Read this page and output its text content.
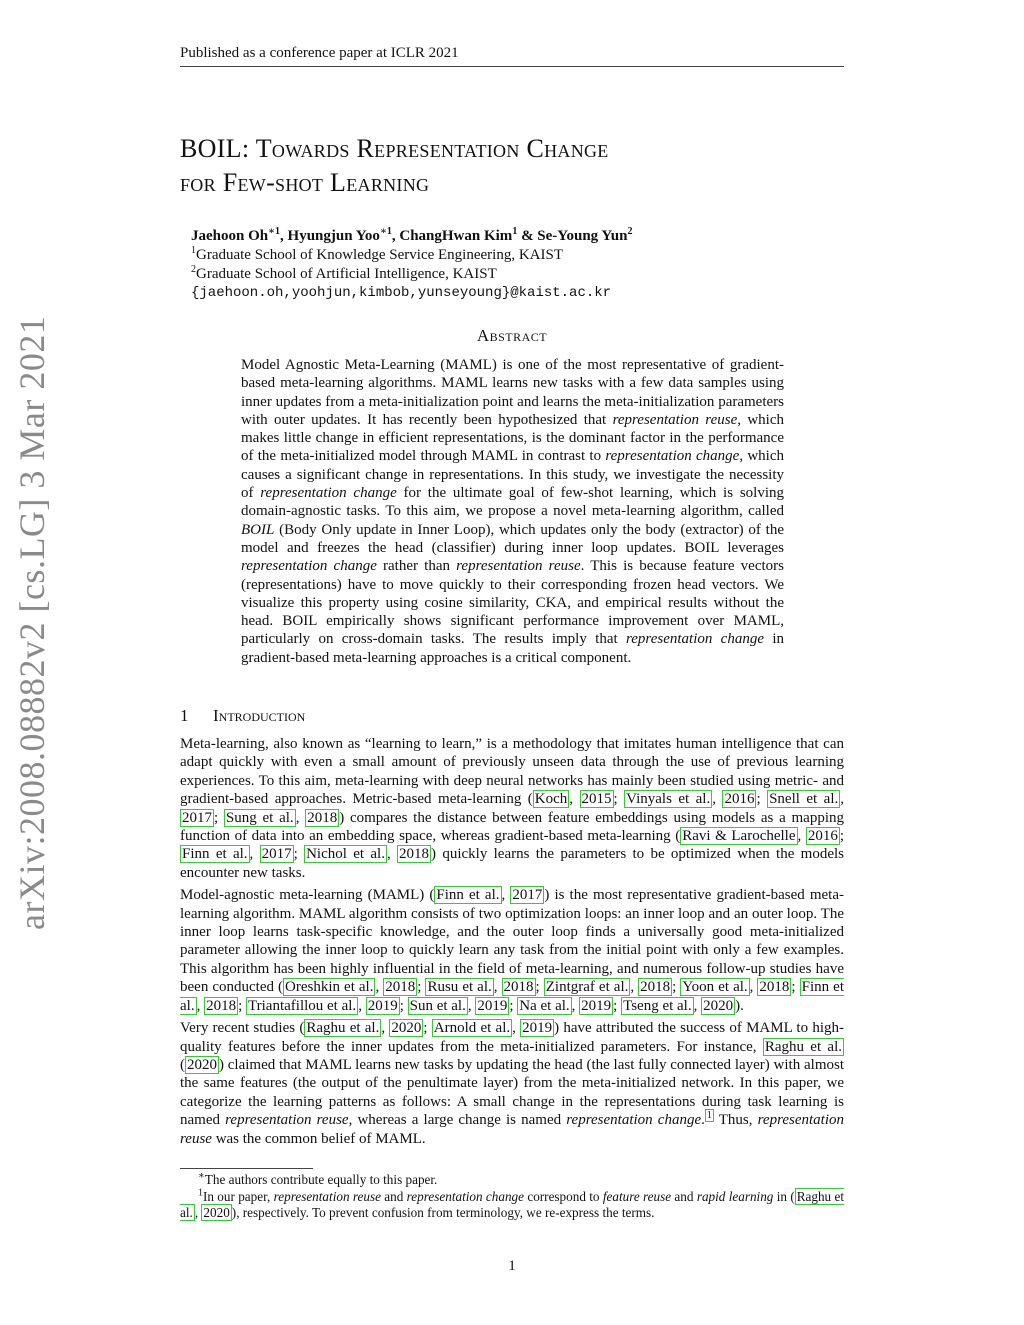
Published as a conference paper at ICLR 2021
arXiv:2008.08882v2 [cs.LG] 3 Mar 2021
BOIL: Towards Representation Change
for Few-shot Learning
Jaehoon $Oh^{∗1}$, Hyungjun Yoo$^{∗1}$, ChangHwan Kim$^1$ & Se-Young Yun$^2$
$^1$Graduate School of Knowledge Service Engineering, KAIST
$^2$Graduate School of Artificial Intelligence, KAIST
{jaehoon.oh,yoohjun,kimbob,yunseyoung}@kaist.ac.kr
Abstract

Model Agnostic Meta-Learning (MAML) is one of the most representative of gradient-based meta-learning algorithms. MAML learns new tasks with a few data samples using inner updates from a meta-initialization point and learns the meta-initialization parameters with outer updates. It has recently been hypothesized that representation reuse, which makes little change in efficient representations, is the dominant factor in the performance of the meta-initialized model through MAML in contrast to representation change, which causes a significant change in representations. In this study, we investigate the necessity of representation change for the ultimate goal of few-shot learning, which is solving domain-agnostic tasks. To this aim, we propose a novel meta-learning algorithm, called BOIL (Body Only update in Inner Loop), which updates only the body (extractor) of the model and freezes the head (classifier) during inner loop updates. BOIL leverages representation change rather than representation reuse. This is because feature vectors (representations) have to move quickly to their corresponding frozen head vectors. We visualize this property using cosine similarity, CKA, and empirical results without the head. BOIL empirically shows significant performance improvement over MAML, particularly on cross-domain tasks. The results imply that representation change in gradient-based meta-learning approaches is a critical component.

1 Introduction

Meta-learning, also known as “learning to learn,” is a methodology that imitates human intelligence that can adapt quickly with even a small amount of previously unseen data through the use of previous learning experiences. To this aim, meta-learning with deep neural networks has mainly been studied using metric- and gradient-based approaches. Metric-based meta-learning ( Koch , 2015 ; Vinyals et al. , 2016 ; Snell et al. , 2017 ; Sung et al. , 2018 ) compares the distance between feature embeddings using models as a mapping function of data into an embedding space, whereas gradient-based meta-learning ( Ravi & Larochelle , 2016 ; Finn et al. , 2017 ; Nichol et al. , 2018 ) quickly learns the parameters to be optimized when the models encounter new tasks.

Model-agnostic meta-learning (MAML) ( Finn et al. , 2017 ) is the most representative gradient-based meta-learning algorithm. MAML algorithm consists of two optimization loops: an inner loop and an outer loop. The inner loop learns task-specific knowledge, and the outer loop finds a universally good meta-initialized parameter allowing the inner loop to quickly learn any task from the initial point with only a few examples. This algorithm has been highly influential in the field of meta-learning, and numerous follow-up studies have been conducted ( Oreshkin et al. , 2018 ; Rusu et al. , 2018 ; Zintgraf et al. , 2018 ; Yoon et al. , 2018 ; Finn et al. , 2018 ; Triantafillou et al. , 2019 ; Sun et al. , 2019 ; Na et al. , 2019 ; Tseng et al. , 2020 ).

Very recent studies ( Raghu et al. , 2020 ; Arnold et al. , 2019 ) have attributed the success of MAML to high-quality features before the inner updates from the meta-initialized parameters. For instance, Raghu et al. ( 2020 ) claimed that MAML learns new tasks by updating the head (the last fully connected layer) with almost the same features (the output of the penultimate layer) from the meta-initialized network. In this paper, we categorize the learning patterns as follows: A small change in the representations during task learning is named representation reuse, whereas a large change is named representation change. $^1$ Thus, representation reuse was the common belief of MAML.

∗The authors contribute equally to this paper.

$^1$In our paper, representation reuse and representation change correspond to feature reuse and rapid learning in ( Raghu et al. , 2020 ), respectively. To prevent confusion from terminology, we re-express the terms.

1
